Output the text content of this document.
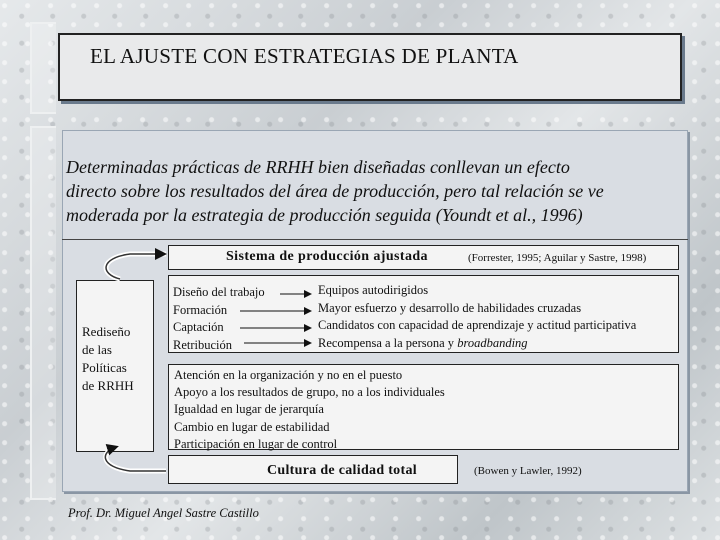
EL AJUSTE CON ESTRATEGIAS DE PLANTA
Determinadas prácticas de RRHH bien diseñadas conllevan un efecto
directo sobre los resultados del área de producción, pero tal relación se ve
moderada por la estrategia de producción seguida (Youndt et al., 1996)
Sistema de producción ajustada	(Forrester, 1995; Aguilar y Sastre, 1998)
Rediseño
de las
Políticas
de RRHH
Diseño del trabajo
Formación
Captación
Retribución
Equipos autodirigidos
Mayor esfuerzo y desarrollo de habilidades cruzadas
Candidatos con capacidad de aprendizaje y actitud participativa
Recompensa a la persona y broadbanding
Atención en la organización y no en el puesto
Apoyo a los resultados de grupo, no a los individuales
Igualdad en lugar de jerarquía
Cambio en lugar de estabilidad
Participación en lugar de control
Cultura de calidad total	(Bowen y Lawler, 1992)
Prof. Dr. Miguel Angel Sastre Castillo
